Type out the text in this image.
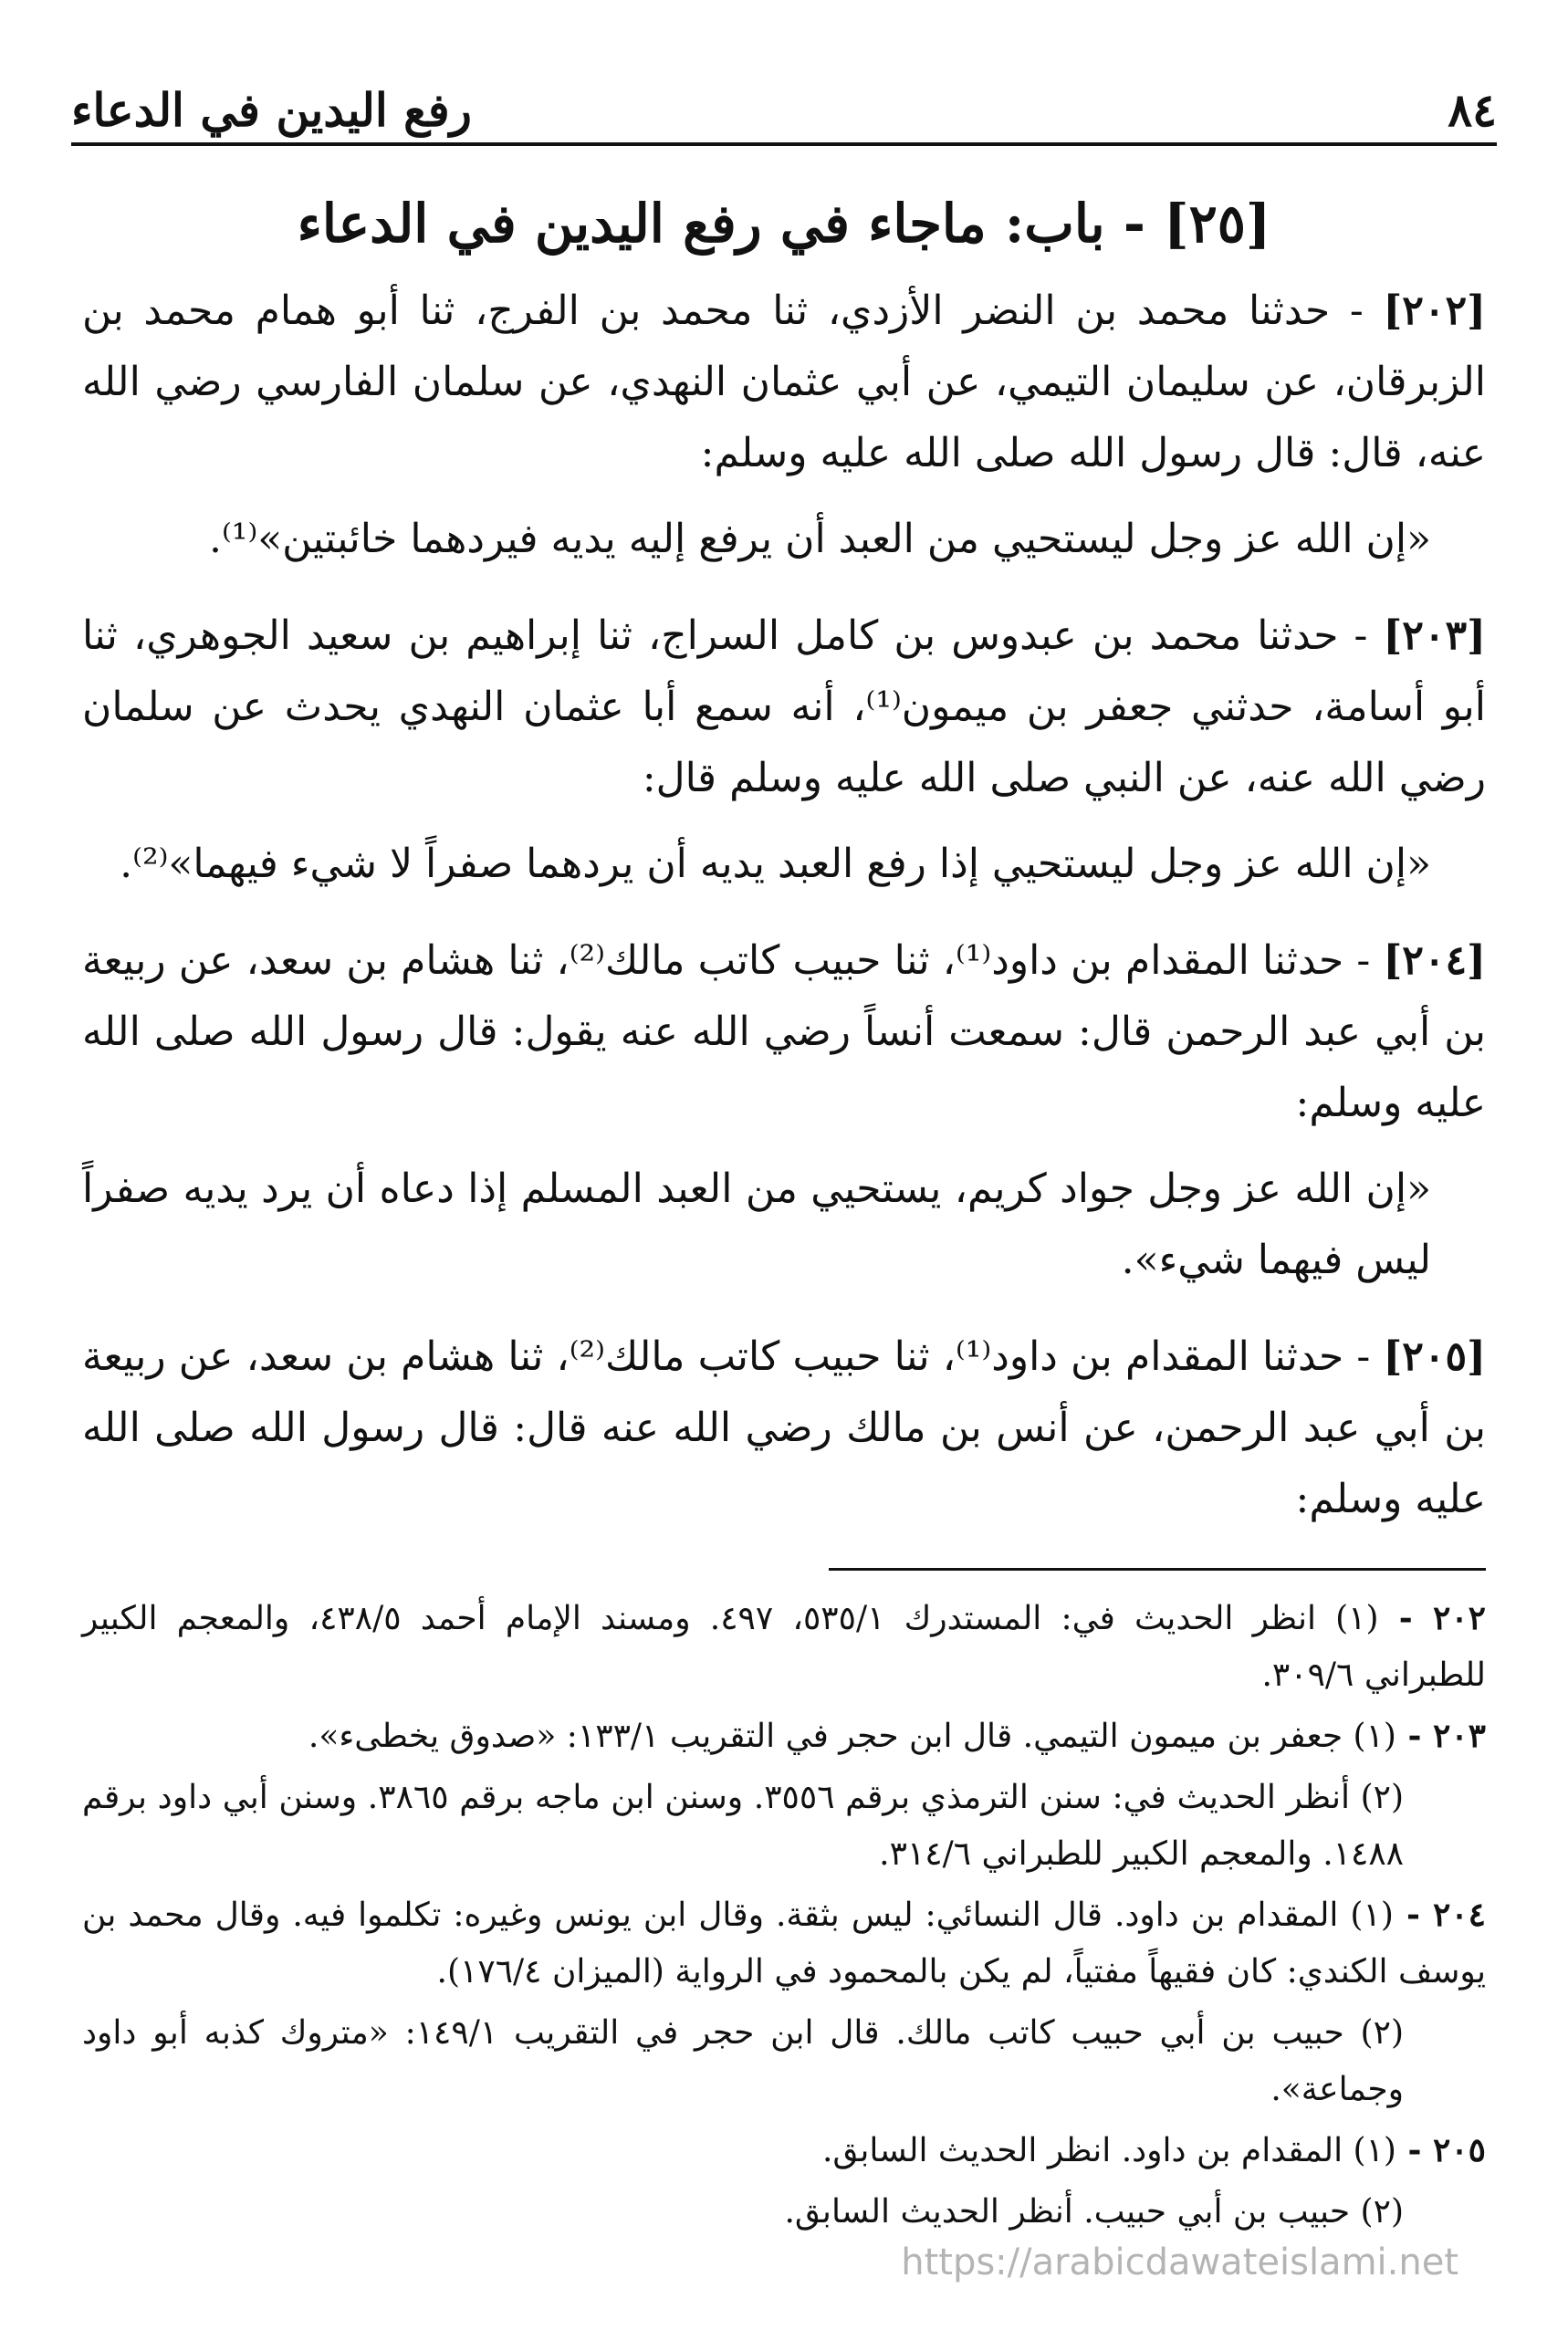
رفع اليدين في الدعاء	٨٤
[٢٥] - باب: ماجاء في رفع اليدين في الدعاء

[٢٠٢] - حدثنا محمد بن النضر الأزدي، ثنا محمد بن الفرج، ثنا أبو همام محمد بن الزبرقان، عن سليمان التيمي، عن أبي عثمان النهدي، عن سلمان الفارسي رضي الله عنه، قال: قال رسول الله صلى الله عليه وسلم:

«إن الله عز وجل ليستحيي من العبد أن يرفع إليه يديه فيردهما خائبتين»⁽¹⁾.

[٢٠٣] - حدثنا محمد بن عبدوس بن كامل السراج، ثنا إبراهيم بن سعيد الجوهري، ثنا أبو أسامة، حدثني جعفر بن ميمون⁽¹⁾، أنه سمع أبا عثمان النهدي يحدث عن سلمان رضي الله عنه، عن النبي صلى الله عليه وسلم قال:

«إن الله عز وجل ليستحيي إذا رفع العبد يديه أن يردهما صفراً لا شيء فيهما»⁽²⁾.

[٢٠٤] - حدثنا المقدام بن داود⁽¹⁾، ثنا حبيب كاتب مالك⁽²⁾، ثنا هشام بن سعد، عن ربيعة بن أبي عبد الرحمن قال: سمعت أنساً رضي الله عنه يقول: قال رسول الله صلى الله عليه وسلم:

«إن الله عز وجل جواد كريم، يستحيي من العبد المسلم إذا دعاه أن يرد يديه صفراً ليس فيهما شيء».

[٢٠٥] - حدثنا المقدام بن داود⁽¹⁾، ثنا حبيب كاتب مالك⁽²⁾، ثنا هشام بن سعد، عن ربيعة بن أبي عبد الرحمن، عن أنس بن مالك رضي الله عنه قال: قال رسول الله صلى الله عليه وسلم:

٢٠٢ - (١) انظر الحديث في: المستدرك ٥٣٥/١، ٤٩٧. ومسند الإمام أحمد ٤٣٨/٥، والمعجم الكبير للطبراني ٣٠٩/٦.

٢٠٣ - (١) جعفر بن ميمون التيمي. قال ابن حجر في التقريب ١٣٣/١: «صدوق يخطىء».

(٢) أنظر الحديث في: سنن الترمذي برقم ٣٥٥٦. وسنن ابن ماجه برقم ٣٨٦٥. وسنن أبي داود برقم ١٤٨٨. والمعجم الكبير للطبراني ٣١٤/٦.

٢٠٤ - (١) المقدام بن داود. قال النسائي: ليس بثقة. وقال ابن يونس وغيره: تكلموا فيه. وقال محمد بن يوسف الكندي: كان فقيهاً مفتياً، لم يكن بالمحمود في الرواية (الميزان ١٧٦/٤).

(٢) حبيب بن أبي حبيب كاتب مالك. قال ابن حجر في التقريب ١٤٩/١: «متروك كذبه أبو داود وجماعة».

٢٠٥ - (١) المقدام بن داود. انظر الحديث السابق.

(٢) حبيب بن أبي حبيب. أنظر الحديث السابق.

https://arabicdawateislami.net
